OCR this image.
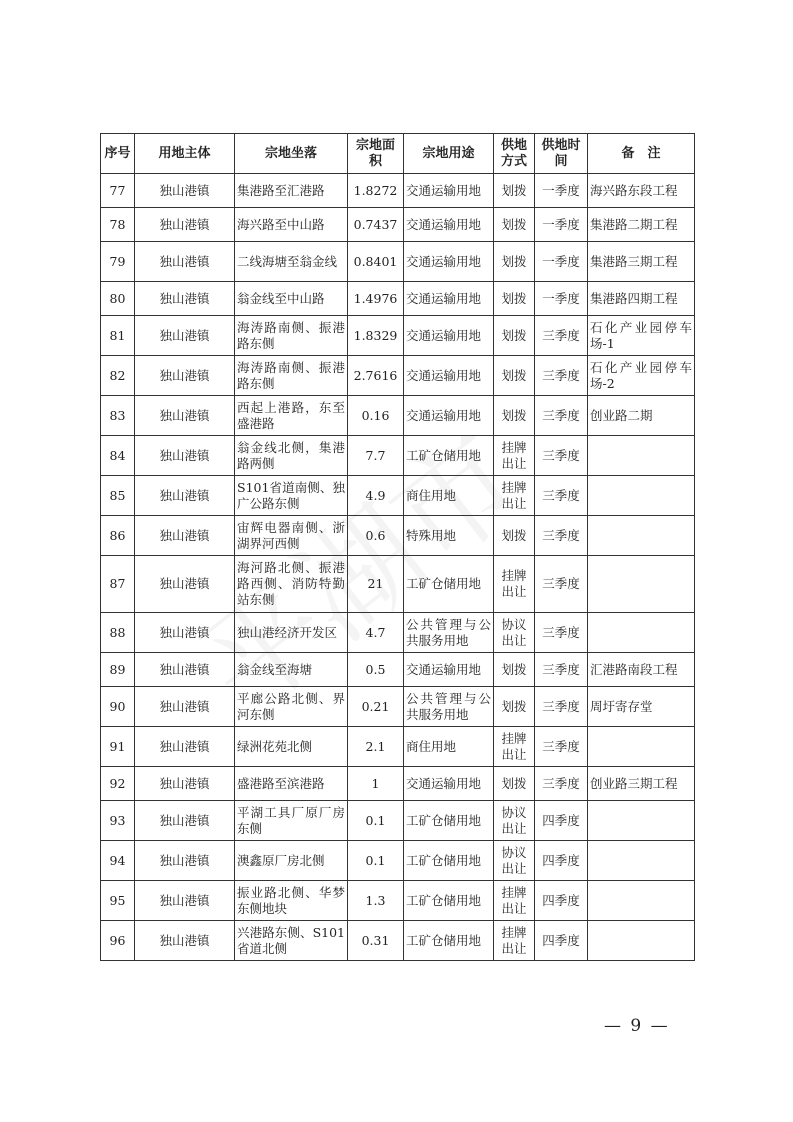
序号	用地主体	宗地坐落	宗地面积	宗地用途	供地方式	供地时间	备　注
77	独山港镇	集港路至汇港路	1.8272	交通运输用地	划拨	一季度	海兴路东段工程
78	独山港镇	海兴路至中山路	0.7437	交通运输用地	划拨	一季度	集港路二期工程
79	独山港镇	二线海塘至翁金线	0.8401	交通运输用地	划拨	一季度	集港路三期工程
80	独山港镇	翁金线至中山路	1.4976	交通运输用地	划拨	一季度	集港路四期工程
81	独山港镇	海涛路南侧、振港路东侧	1.8329	交通运输用地	划拨	三季度	石化产业园停车场-1
82	独山港镇	海涛路南侧、振港路东侧	2.7616	交通运输用地	划拨	三季度	石化产业园停车场-2
83	独山港镇	西起上港路，东至盛港路	0.16	交通运输用地	划拨	三季度	创业路二期
84	独山港镇	翁金线北侧，集港路两侧	7.7	工矿仓储用地	挂牌出让	三季度	
85	独山港镇	S101省道南侧、独广公路东侧	4.9	商住用地	挂牌出让	三季度	
86	独山港镇	宙辉电器南侧、浙湖界河西侧	0.6	特殊用地	划拨	三季度	
87	独山港镇	海河路北侧、振港路西侧、消防特勤站东侧	21	工矿仓储用地	挂牌出让	三季度	
88	独山港镇	独山港经济开发区	4.7	公共管理与公共服务用地	协议出让	三季度	
89	独山港镇	翁金线至海塘	0.5	交通运输用地	划拨	三季度	汇港路南段工程
90	独山港镇	平廊公路北侧、界河东侧	0.21	公共管理与公共服务用地	划拨	三季度	周圩寄存堂
91	独山港镇	绿洲花苑北侧	2.1	商住用地	挂牌出让	三季度	
92	独山港镇	盛港路至滨港路	1	交通运输用地	划拨	三季度	创业路三期工程
93	独山港镇	平湖工具厂原厂房东侧	0.1	工矿仓储用地	协议出让	四季度	
94	独山港镇	澳鑫原厂房北侧	0.1	工矿仓储用地	协议出让	四季度	
95	独山港镇	振业路北侧、华梦东侧地块	1.3	工矿仓储用地	挂牌出让	四季度	
96	独山港镇	兴港路东侧、S101省道北侧	0.31	工矿仓储用地	挂牌出让	四季度	
— 9 —
